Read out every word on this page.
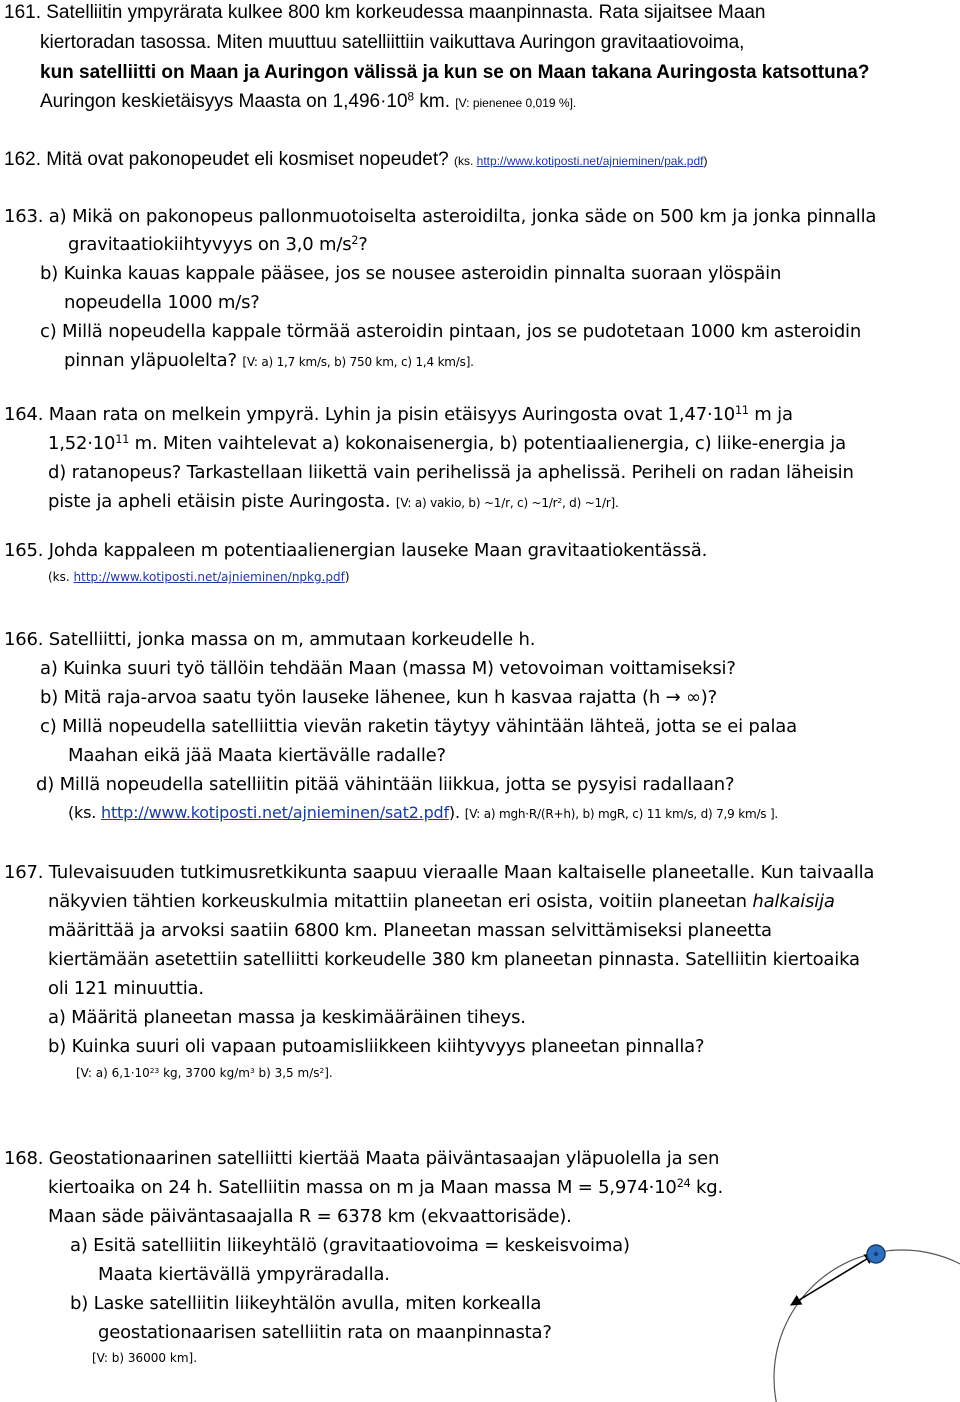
161. Satelliitin ympyrärata kulkee 800 km korkeudessa maanpinnasta. Rata sijaitsee Maan
kiertoradan tasossa. Miten muuttuu satelliittiin vaikuttava Auringon gravitaatiovoima,
kun satelliitti on Maan ja Auringon välissä ja kun se on Maan takana Auringosta katsottuna?
Auringon keskietäisyys Maasta on $1,496\cdot 10^8$ km. [V: pienenee 0,019 %].
162. Mitä ovat pakonopeudet eli kosmiset nopeudet? (ks. http://www.kotiposti.net/ajnieminen/pak.pdf)
163. a) Mikä on pakonopeus pallonmuotoiselta asteroidilta, jonka säde on 500 km ja jonka pinnalla
gravitaatiokiihtyvyys on 3,0 $m/s^2$?
b) Kuinka kauas kappale pääsee, jos se nousee asteroidin pinnalta suoraan ylöspäin
nopeudella 1000 m/s?
c) Millä nopeudella kappale törmää asteroidin pintaan, jos se pudotetaan 1000 km asteroidin
pinnan yläpuolelta? [V: a) 1,7 km/s, b) 750 km, c) 1,4 km/s].
164. Maan rata on melkein ympyrä. Lyhin ja pisin etäisyys Auringosta ovat $1,47\cdot 10^{11}$ m ja
$1,52\cdot 10^{11}$ m. Miten vaihtelevat a) kokonaisenergia, b) potentiaalienergia, c) liike-energia ja
d) ratanopeus? Tarkastellaan liikettä vain perihelissä ja aphelissä. Periheli on radan läheisin
piste ja apheli etäisin piste Auringosta. [V: a) vakio, b) ~1/r, c) $\sim 1/r^2$, d) ~1/r].
165. Johda kappaleen m potentiaalienergian lauseke Maan gravitaatiokentässä.
(ks. http://www.kotiposti.net/ajnieminen/npkg.pdf)
166. Satelliitti, jonka massa on m, ammutaan korkeudelle h.
a) Kuinka suuri työ tällöin tehdään Maan (massa M) vetovoiman voittamiseksi?
b) Mitä raja-arvoa saatu työn lauseke lähenee, kun h kasvaa rajatta (h → ∞)?
c) Millä nopeudella satelliittia vievän raketin täytyy vähintään lähteä, jotta se ei palaa
Maahan eikä jää Maata kiertävälle radalle?
d) Millä nopeudella satelliitin pitää vähintään liikkua, jotta se pysyisi radallaan?
(ks. http://www.kotiposti.net/ajnieminen/sat2.pdf). [V: a) mgh·R/(R+h), b) mgR, c) 11 km/s, d) 7,9 km/s ].
167. Tulevaisuuden tutkimusretkikunta saapuu vieraalle Maan kaltaiselle planeetalle. Kun taivaalla
näkyvien tähtien korkeuskulmia mitattiin planeetan eri osista, voitiin planeetan halkaisija
määrittää ja arvoksi saatiin 6800 km. Planeetan massan selvittämiseksi planeetta
kiertämään asetettiin satelliitti korkeudelle 380 km planeetan pinnasta. Satelliitin kiertoaika
oli 121 minuuttia.
a) Määritä planeetan massa ja keskimääräinen tiheys.
b) Kuinka suuri oli vapaan putoamisliikkeen kiihtyvyys planeetan pinnalla?
[V: a) $6,1\cdot 10^{23}$ kg, 3700 $kg/m^3$ b) 3,5 $m/s^2$].
168. Geostationaarinen satelliitti kiertää Maata päiväntasaajan yläpuolella ja sen
kiertoaika on 24 h. Satelliitin massa on m ja Maan massa $M = 5,974\cdot 10^{24}$ kg.
Maan säde päiväntasaajalla R = 6378 km (ekvaattorisäde).
a) Esitä satelliitin liikeyhtälö (gravitaatiovoima = keskeisvoima)
Maata kiertävällä ympyräradalla.
b) Laske satelliitin liikeyhtälön avulla, miten korkealla
geostationaarisen satelliitin rata on maanpinnasta?
[V: b) 36000 km].
